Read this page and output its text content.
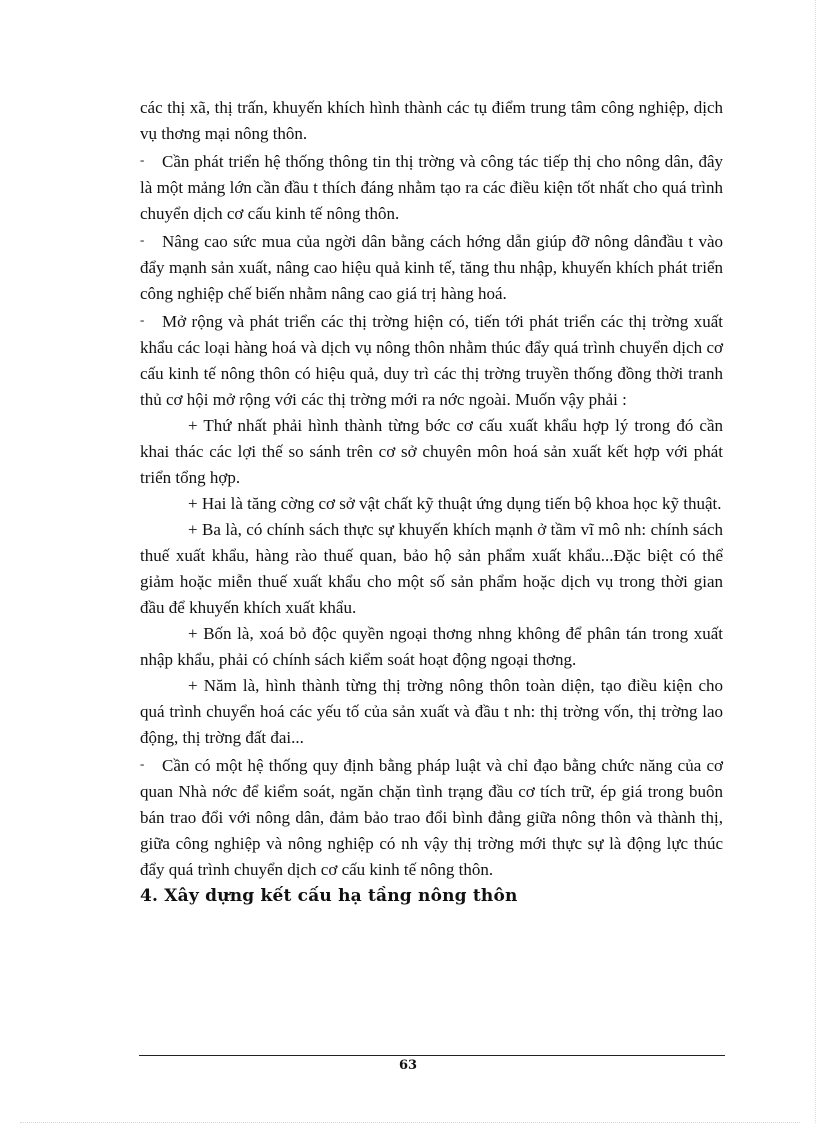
các thị xã, thị trấn, khuyến khích hình thành các tụ điểm trung tâm công nghiệp, dịch vụ thơng mại nông thôn.

- Cần phát triển hệ thống thông tin thị trờng và công tác tiếp thị cho nông dân, đây là một mảng lớn cần đầu t thích đáng nhằm tạo ra các điều kiện tốt nhất cho quá trình chuyển dịch cơ cấu kinh tế nông thôn.

- Nâng cao sức mua của ngời dân bằng cách hớng dẫn giúp đỡ nông dânđầu t vào đẩy mạnh sản xuất, nâng cao hiệu quả kinh tế, tăng thu nhập, khuyến khích phát triển công nghiệp chế biến nhằm nâng cao giá trị hàng hoá.

- Mở rộng và phát triển các thị trờng hiện có, tiến tới phát triển các thị trờng xuất khẩu các loại hàng hoá và dịch vụ nông thôn nhằm thúc đẩy quá trình chuyển dịch cơ cấu kinh tế nông thôn có hiệu quả, duy trì các thị trờng truyền thống đồng thời tranh thủ cơ hội mở rộng với các thị trờng mới ra nớc ngoài. Muốn vậy phải :

+ Thứ nhất phải hình thành từng bớc cơ cấu xuất khẩu hợp lý trong đó cần khai thác các lợi thế so sánh trên cơ sở chuyên môn hoá sản xuất kết hợp với phát triển tổng hợp.

+ Hai là tăng cờng cơ sở vật chất kỹ thuật ứng dụng tiến bộ khoa học kỹ thuật.

+ Ba là, có chính sách thực sự khuyến khích mạnh ở tầm vĩ mô nh: chính sách thuế xuất khẩu, hàng rào thuế quan, bảo hộ sản phẩm xuất khẩu...Đặc biệt có thể giảm hoặc miễn thuế xuất khẩu cho một số sản phẩm hoặc dịch vụ trong thời gian đầu để khuyến khích xuất khẩu.

+ Bốn là, xoá bỏ độc quyền ngoại thơng nhng không để phân tán trong xuất nhập khẩu, phải có chính sách kiểm soát hoạt động ngoại thơng.

+ Năm là, hình thành từng thị trờng nông thôn toàn diện, tạo điều kiện cho quá trình chuyển hoá các yếu tố của sản xuất và đầu t nh: thị trờng vốn, thị trờng lao động, thị trờng đất đai...

- Cần có một hệ thống quy định bằng pháp luật và chỉ đạo bằng chức năng của cơ quan Nhà nớc để kiểm soát, ngăn chặn tình trạng đầu cơ tích trữ, ép giá trong buôn bán trao đổi với nông dân, đảm bảo trao đổi bình đẳng giữa nông thôn và thành thị, giữa công nghiệp và nông nghiệp có nh vậy thị trờng mới thực sự là động lực thúc đẩy quá trình chuyển dịch cơ cấu kinh tế nông thôn.

4. Xây dựng kết cấu hạ tầng nông thôn

63
